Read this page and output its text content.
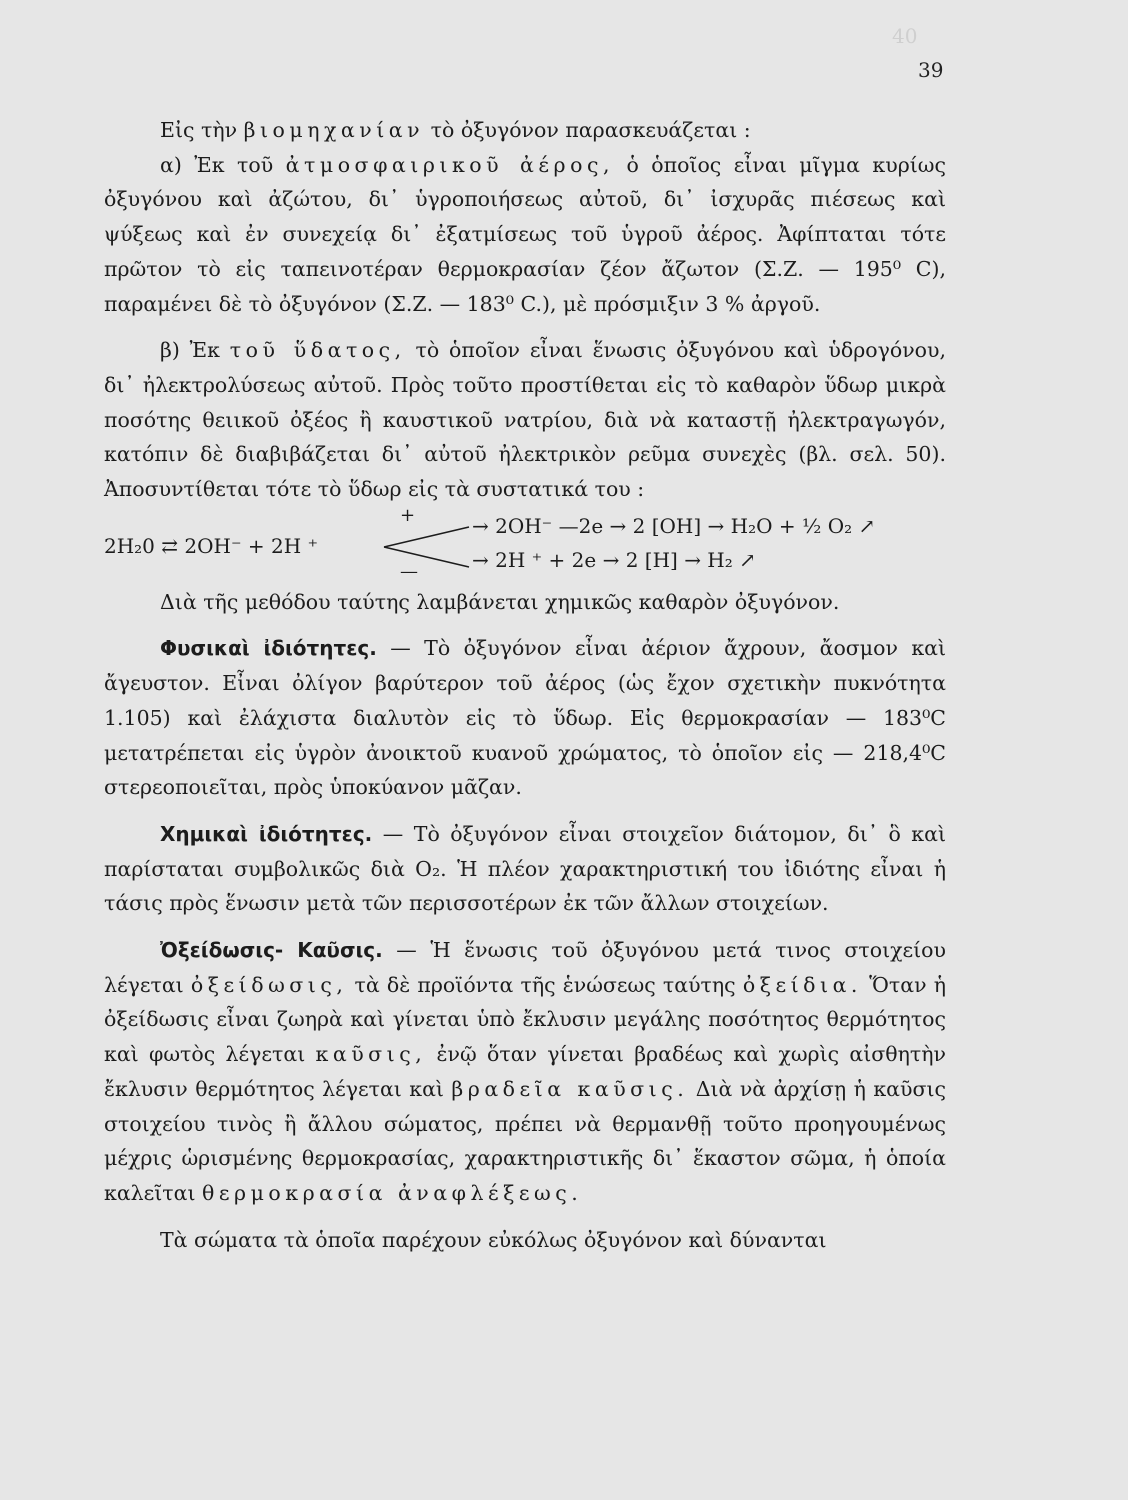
40
39

Εἰς τὴν βιομηχανίαν τὸ ὀξυγόνον παρασκευάζεται :

α) Ἐκ τοῦ ἀτμοσφαιρικοῦ ἀέρος, ὁ ὁποῖος εἶναι μῖγμα κυρίως ὀξυγόνου καὶ ἀζώτου, δι᾽ ὑγροποιήσεως αὐτοῦ, δι᾽ ἰσχυρᾶς πιέσεως καὶ ψύξεως καὶ ἐν συνεχείᾳ δι᾽ ἐξατμίσεως τοῦ ὑγροῦ ἀέρος. Ἀφίπταται τότε πρῶτον τὸ εἰς ταπεινοτέραν θερμοκρασίαν ζέον ἄζωτον (Σ.Ζ. — 195⁰ C), παραμένει δὲ τὸ ὀξυγόνον (Σ.Ζ. — 183⁰ C.), μὲ πρόσμιξιν 3 % ἀργοῦ.

β) Ἐκ τοῦ ὕδατος, τὸ ὁποῖον εἶναι ἕνωσις ὀξυγόνου καὶ ὑδρογόνου, δι᾽ ἠλεκτρολύσεως αὐτοῦ. Πρὸς τοῦτο προστίθεται εἰς τὸ καθαρὸν ὕδωρ μικρὰ ποσότης θειικοῦ ὀξέος ἢ καυστικοῦ νατρίου, διὰ νὰ καταστῇ ἠλεκτραγωγόν, κατόπιν δὲ διαβιβάζεται δι᾽ αὐτοῦ ἠλεκτρικὸν ρεῦμα συνεχὲς (βλ. σελ. 50). Ἀποσυντίθεται τότε τὸ ὕδωρ εἰς τὰ συστατικά του :

2H₂0 ⇄ 2OH⁻ + 2H ⁺
+
—
→ 2OH⁻ —2e → 2 [OH] → H₂O + ½ O₂ ↗
→ 2H ⁺ + 2e → 2 [H] → H₂ ↗

Διὰ τῆς μεθόδου ταύτης λαμβάνεται χημικῶς καθαρὸν ὀξυγόνον.

Φυσικαὶ ἰδιότητες. — Τὸ ὀξυγόνον εἶναι ἀέριον ἄχρουν, ἄοσμον καὶ ἄγευστον. Εἶναι ὀλίγον βαρύτερον τοῦ ἀέρος (ὡς ἔχον σχετικὴν πυκνότητα 1.105) καὶ ἐλάχιστα διαλυτὸν εἰς τὸ ὕδωρ. Εἰς θερμοκρασίαν — 183⁰C μετατρέπεται εἰς ὑγρὸν ἀνοικτοῦ κυανοῦ χρώματος, τὸ ὁποῖον εἰς — 218,4⁰C στερεοποιεῖται, πρὸς ὑποκύανον μᾶζαν.

Χημικαὶ ἰδιότητες. — Τὸ ὀξυγόνον εἶναι στοιχεῖον διάτομον, δι᾽ ὃ καὶ παρίσταται συμβολικῶς διὰ O₂. Ἡ πλέον χαρακτηριστική του ἰδιότης εἶναι ἡ τάσις πρὸς ἕνωσιν μετὰ τῶν περισσοτέρων ἐκ τῶν ἄλλων στοιχείων.

Ὀξείδωσις- Καῦσις. — Ἡ ἕνωσις τοῦ ὀξυγόνου μετά τινος στοιχείου λέγεται ὀξείδωσις, τὰ δὲ προϊόντα τῆς ἑνώσεως ταύτης ὀξείδια. Ὅταν ἡ ὀξείδωσις εἶναι ζωηρὰ καὶ γίνεται ὑπὸ ἔκλυσιν μεγάλης ποσότητος θερμότητος καὶ φωτὸς λέγεται καῦσις, ἐνῷ ὅταν γίνεται βραδέως καὶ χωρὶς αἰσθητὴν ἔκλυσιν θερμότητος λέγεται καὶ βραδεῖα καῦσις. Διὰ νὰ ἀρχίσῃ ἡ καῦσις στοιχείου τινὸς ἢ ἄλλου σώματος, πρέπει νὰ θερμανθῇ τοῦτο προηγουμένως μέχρις ὡρισμένης θερμοκρασίας, χαρακτηριστικῆς δι᾽ ἕκαστον σῶμα, ἡ ὁποία καλεῖται θερμοκρασία ἀναφλέξεως.

Τὰ σώματα τὰ ὁποῖα παρέχουν εὐκόλως ὀξυγόνον καὶ δύνανται
